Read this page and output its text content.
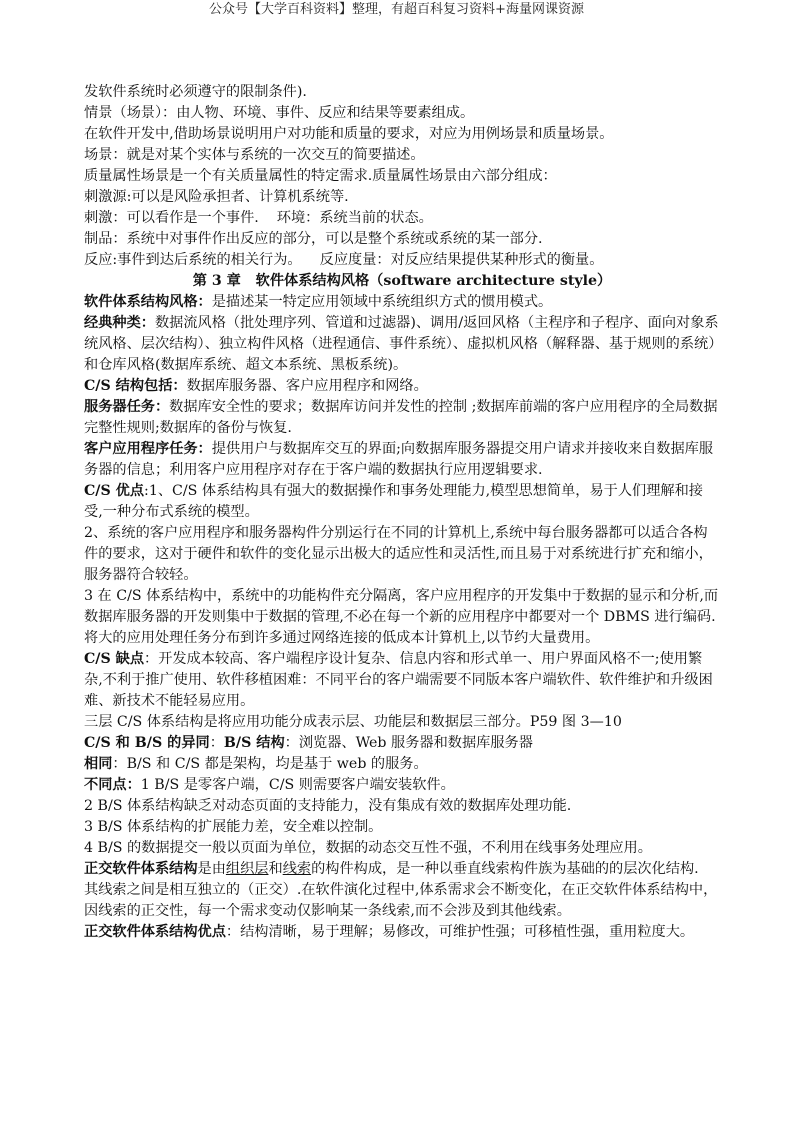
公众号【大学百科资料】整理，有超百科复习资料+海量网课资源

发软件系统时必须遵守的限制条件).

情景（场景）：由人物、环境、事件、反应和结果等要素组成。

在软件开发中,借助场景说明用户对功能和质量的要求，对应为用例场景和质量场景。

场景：就是对某个实体与系统的一次交互的简要描述。

质量属性场景是一个有关质量属性的特定需求.质量属性场景由六部分组成：

刺激源:可以是风险承担者、计算机系统等.

刺激：可以看作是一个事件.    环境：系统当前的状态。

制品：系统中对事件作出反应的部分，可以是整个系统或系统的某一部分.

反应:事件到达后系统的相关行为。    反应度量：对反应结果提供某种形式的衡量。

第 3 章   软件体系结构风格（software architecture style）

软件体系结构风格：是描述某一特定应用领域中系统组织方式的惯用模式。

经典种类：数据流风格（批处理序列、管道和过滤器)、调用/返回风格（主程序和子程序、面向对象系统风格、层次结构）、独立构件风格（进程通信、事件系统）、虚拟机风格（解释器、基于规则的系统）和仓库风格(数据库系统、超文本系统、黑板系统)。

C/S 结构包括：数据库服务器、客户应用程序和网络。

服务器任务：数据库安全性的要求；数据库访问并发性的控制 ;数据库前端的客户应用程序的全局数据完整性规则;数据库的备份与恢复.

客户应用程序任务：提供用户与数据库交互的界面;向数据库服务器提交用户请求并接收来自数据库服务器的信息；利用客户应用程序对存在于客户端的数据执行应用逻辑要求.

C/S 优点:1、C/S 体系结构具有强大的数据操作和事务处理能力,模型思想简单，易于人们理解和接受,一种分布式系统的模型。

2、系统的客户应用程序和服务器构件分别运行在不同的计算机上,系统中每台服务器都可以适合各构件的要求，这对于硬件和软件的变化显示出极大的适应性和灵活性,而且易于对系统进行扩充和缩小，服务器符合较轻。

3 在 C/S 体系结构中，系统中的功能构件充分隔离，客户应用程序的开发集中于数据的显示和分析,而数据库服务器的开发则集中于数据的管理,不必在每一个新的应用程序中都要对一个 DBMS 进行编码.将大的应用处理任务分布到许多通过网络连接的低成本计算机上,以节约大量费用。

C/S 缺点：开发成本较高、客户端程序设计复杂、信息内容和形式单一、用户界面风格不一;使用繁杂,不利于推广使用、软件移植困难：不同平台的客户端需要不同版本客户端软件、软件维护和升级困难、新技术不能轻易应用。

三层 C/S 体系结构是将应用功能分成表示层、功能层和数据层三部分。P59 图 3—10

C/S 和 B/S 的异同：B/S 结构：浏览器、Web 服务器和数据库服务器

相同：B/S 和 C/S 都是架构，均是基于 web 的服务。

不同点：1 B/S 是零客户端，C/S 则需要客户端安装软件。

2 B/S 体系结构缺乏对动态页面的支持能力，没有集成有效的数据库处理功能.

3 B/S 体系结构的扩展能力差，安全难以控制。

4 B/S 的数据提交一般以页面为单位，数据的动态交互性不强，不利用在线事务处理应用。

正交软件体系结构是由组织层和线索的构件构成，是一种以垂直线索构件族为基础的的层次化结构.

其线索之间是相互独立的（正交）.在软件演化过程中,体系需求会不断变化，在正交软件体系结构中，因线索的正交性，每一个需求变动仅影响某一条线索,而不会涉及到其他线索。

正交软件体系结构优点：结构清晰，易于理解；易修改，可维护性强；可移植性强，重用粒度大。
